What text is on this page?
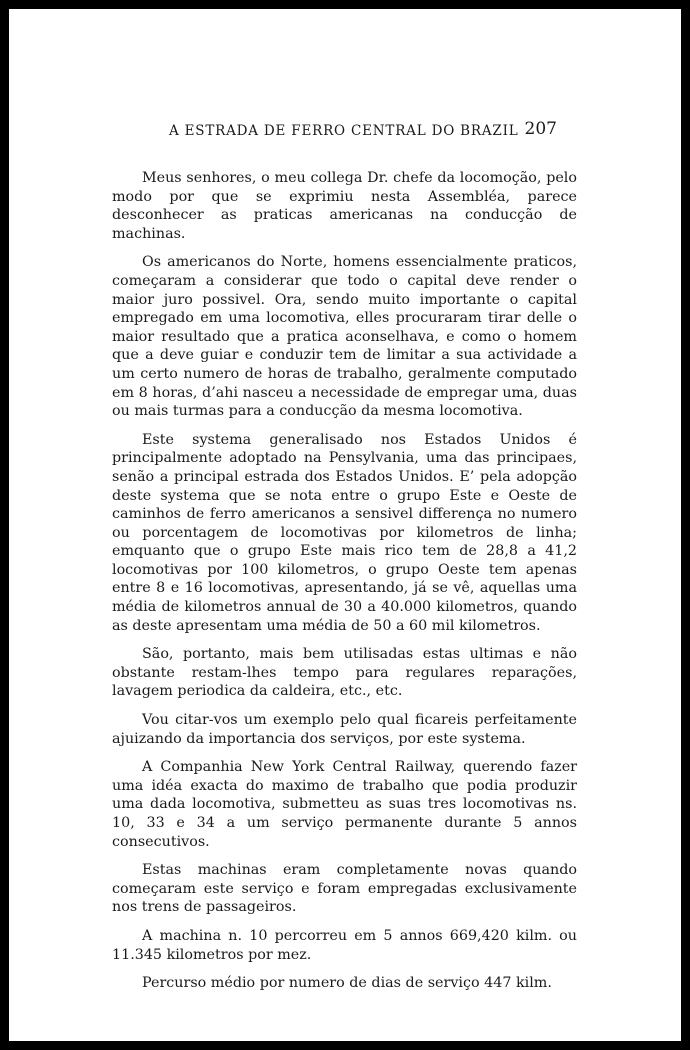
A ESTRADA DE FERRO CENTRAL DO BRAZIL 207

Meus senhores, o meu collega Dr. chefe da locomoção, pelo modo por que se exprimiu nesta Assembléa, parece desconhecer as praticas americanas na conducção de machinas.

Os americanos do Norte, homens essencialmente praticos, começaram a considerar que todo o capital deve render o maior juro possivel. Ora, sendo muito importante o capital empregado em uma locomotiva, elles procuraram tirar delle o maior resultado que a pratica aconselhava, e como o homem que a deve guiar e conduzir tem de limitar a sua actividade a um certo numero de horas de trabalho, geralmente computado em 8 horas, d’ahi nasceu a necessidade de empregar uma, duas ou mais turmas para a conducção da mesma locomotiva.

Este systema generalisado nos Estados Unidos é principalmente adoptado na Pensylvania, uma das principaes, senão a principal estrada dos Estados Unidos. E’ pela adopção deste systema que se nota entre o grupo Este e Oeste de caminhos de ferro americanos a sensivel differença no numero ou porcentagem de locomotivas por kilometros de linha; emquanto que o grupo Este mais rico tem de 28,8 a 41,2 locomotivas por 100 kilometros, o grupo Oeste tem apenas entre 8 e 16 locomotivas, apresentando, já se vê, aquellas uma média de kilometros annual de 30 a 40.000 kilometros, quando as deste apresentam uma média de 50 a 60 mil kilometros.

São, portanto, mais bem utilisadas estas ultimas e não obstante restam-lhes tempo para regulares reparações, lavagem periodica da caldeira, etc., etc.

Vou citar-vos um exemplo pelo qual ficareis perfeitamente ajuizando da importancia dos serviços, por este systema.

A Companhia New York Central Railway, querendo fazer uma idéa exacta do maximo de trabalho que podia produzir uma dada locomotiva, submetteu as suas tres locomotivas ns. 10, 33 e 34 a um serviço permanente durante 5 annos consecutivos.

Estas machinas eram completamente novas quando começaram este serviço e foram empregadas exclusivamente nos trens de passageiros.

A machina n. 10 percorreu em 5 annos 669,420 kilm. ou 11.345 kilometros por mez.

Percurso médio por numero de dias de serviço 447 kilm.
